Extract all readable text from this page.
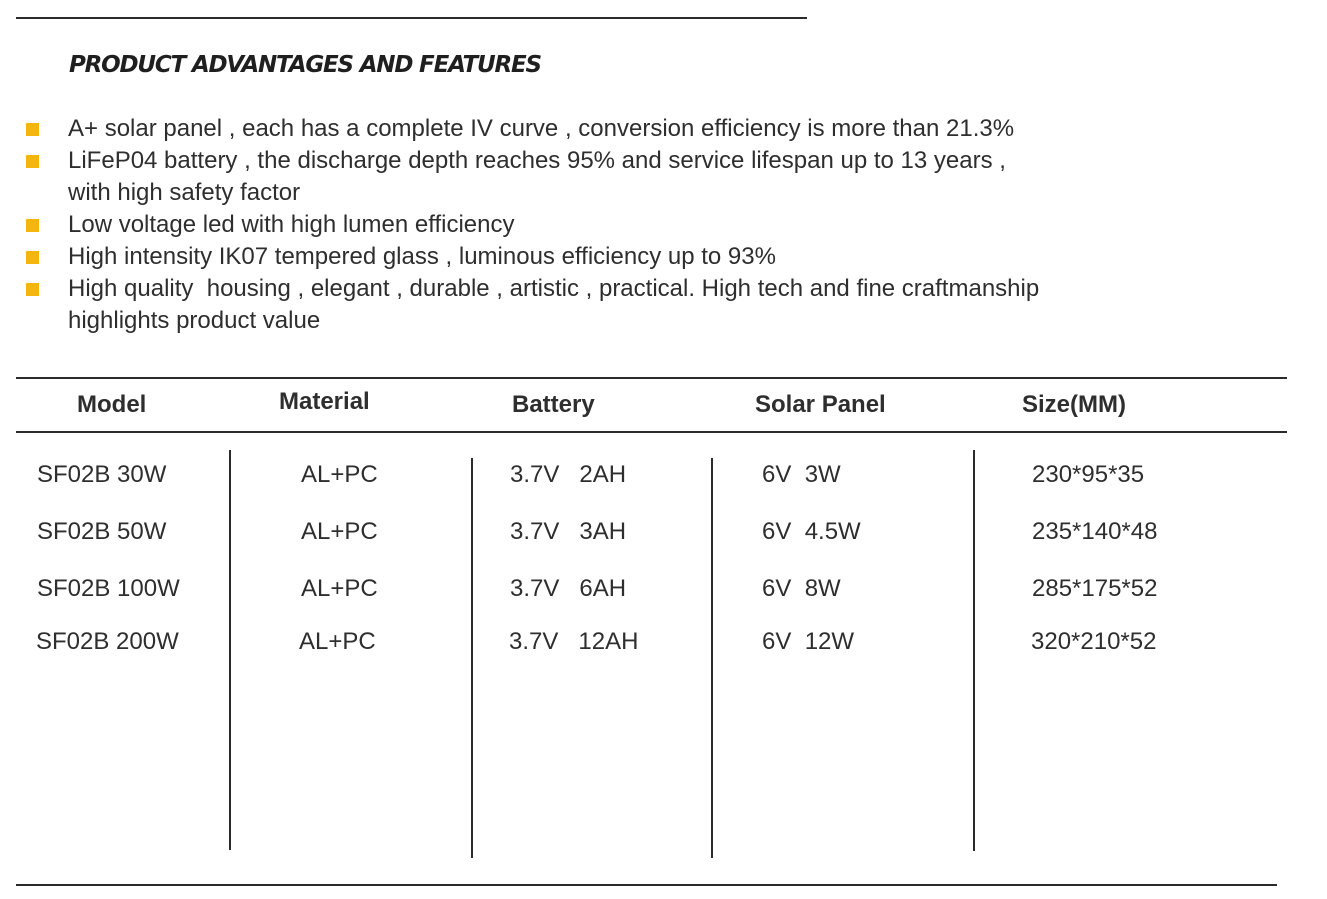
PRODUCT ADVANTAGES AND FEATURES
A+ solar panel , each has a complete IV curve , conversion efficiency is more than 21.3%
LiFeP04 battery , the discharge depth reaches 95% and service lifespan up to 13 years ,
with high safety factor
Low voltage led with high lumen efficiency
High intensity IK07 tempered glass , luminous efficiency up to 93%
High quality  housing , elegant , durable , artistic , practical. High tech and fine craftmanship
highlights product value
Model	Material	Battery	Solar Panel	Size(MM)
SF02B 30W	AL+PC	3.7V   2AH	6V  3W	230*95*35
SF02B 50W	AL+PC	3.7V   3AH	6V  4.5W	235*140*48
SF02B 100W	AL+PC	3.7V   6AH	6V  8W	285*175*52
SF02B 200W	AL+PC	3.7V   12AH	6V  12W	320*210*52
